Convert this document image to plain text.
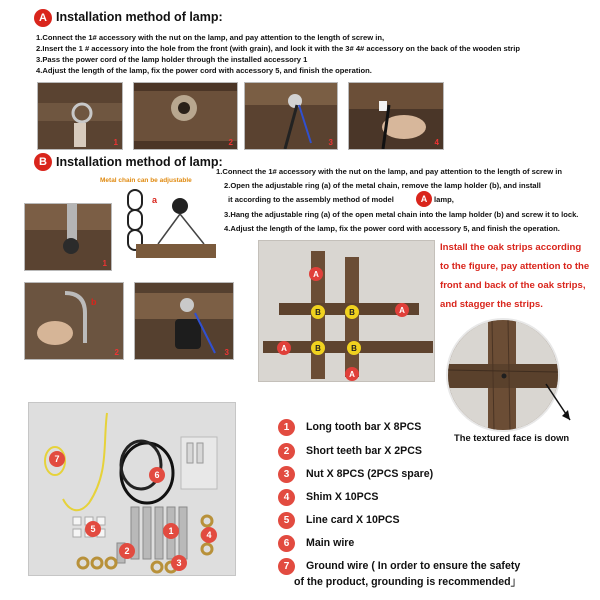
A Installation method of lamp:
1.Connect the 1# accessory with the nut on the lamp, and pay attention to the length of screw in,
2.Insert the 1 # accessory into the hole from the front (with grain), and lock it with the 3# 4# accessory on the back of the wooden strip
3.Pass the power cord of the lamp holder through the installed accessory 1
4.Adjust the length of the lamp, fix the power cord with accessory 5, and finish the operation.
1	2	3	4
B Installation method of lamp:
Metal chain can be adjustable
1.Connect the 1# accessory with the nut on the lamp, and pay attention to the length of screw in
2.Open the adjustable ring (a) of the metal chain, remove the lamp holder (b), and install
it according to the assembly method of model	A lamp,
3.Hang the adjustable ring (a) of the open metal chain into the lamp holder (b) and screw it to lock.
4.Adjust the length of the lamp, fix the power cord with accessory 5, and finish the operation.
1
a
b
2	3
A
B	B	A
A	B	B
A
Install the oak strips according
to the figure, pay attention to the
front and back of the oak strips,
and stagger the strips.
The textured face is down
7
6
5	1
2
3
4
1	Long tooth bar X 8PCS
2	Short teeth bar X 2PCS
3	Nut X 8PCS (2PCS spare)
4	Shim X 10PCS
5	Line card X 10PCS
6	Main wire
7	Ground wire ( In order to ensure the safety
of the product, grounding is recommended」
